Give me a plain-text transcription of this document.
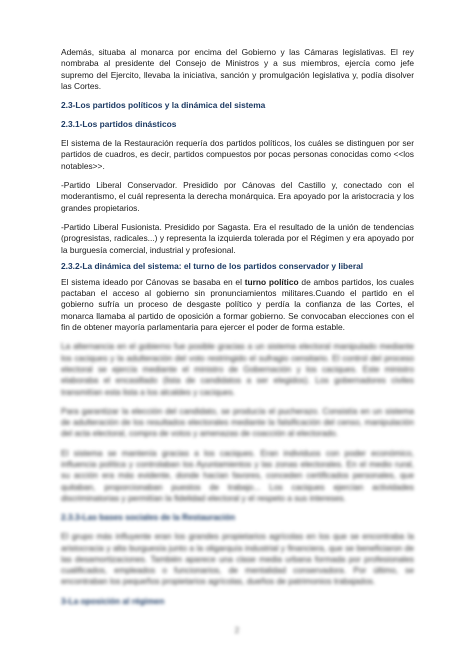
Además, situaba al monarca por encima del Gobierno y las Cámaras legislativas. El rey nombraba al presidente del Consejo de Ministros y a sus miembros, ejercía como jefe supremo del Ejercito, llevaba la iniciativa, sanción y promulgación legislativa y, podía disolver las Cortes.

2.3-Los partidos políticos y la dinámica del sistema
2.3.1-Los partidos dinásticos

El sistema de la Restauración requería dos partidos políticos, los cuáles se distinguen por ser partidos de cuadros, es decir, partidos compuestos por pocas personas conocidas como <<los notables>>.

-Partido Liberal Conservador. Presidido por Cánovas del Castillo y, conectado con el moderantismo, el cuál representa la derecha monárquica. Era apoyado por la aristocracia y los grandes propietarios.

-Partido Liberal Fusionista. Presidido por Sagasta. Era el resultado de la unión de tendencias (progresistas, radicales...) y representa la izquierda tolerada por el Régimen y era apoyado por la burguesía comercial, industrial y profesional.

2.3.2-La dinámica del sistema: el turno de los partidos conservador y liberal

El sistema ideado por Cánovas se basaba en el turno político de ambos partidos, los cuales pactaban el acceso al gobierno sin pronunciamientos militares.Cuando el partido en el gobierno sufría un proceso de desgaste político y perdía la confianza de las Cortes, el monarca llamaba al partido de oposición a formar gobierno. Se convocaban elecciones con el fin de obtener mayoría parlamentaria para ejercer el poder de forma estable.

La alternancia en el gobierno fue posible gracias a un sistema electoral manipulado mediante los caciques y la adulteración del voto restringido el sufragio censitario. El control del proceso electoral se ejercía mediante el ministro de Gobernación y los caciques. Este ministro elaboraba el encasillado (lista de candidatos a ser elegidos). Los gobernadores civiles transmitían esta lista a los alcaldes y caciques.

Para garantizar la elección del candidato, se producía el pucherazo. Consistía en un sistema de adulteración de los resultados electorales mediante la falsificación del censo, manipulación del acta electoral, compra de votos y amenazas de coacción al electorado.

El sistema se mantenía gracias a los caciques. Eran individuos con poder económico, influencia política y controlaban los Ayuntamientos y las zonas electorales. En el medio rural, su acción era más evidente, donde hacían favores, conceden certificados personales, que quitaban, proporcionaban puestos de trabajo... Los caciques ejercían actividades discriminatorias y permitían la fidelidad electoral y el respeto a sus intereses.

2.3.3-Las bases sociales de la Restauración

El grupo más influyente eran los grandes propietarios agrícolas en los que se encontraba la aristocracia y alta burguesía junto a la oligarquía industrial y financiera, que se beneficiaron de las desamortizaciones. También aparece una clase media urbana formada por profesionales cualificados, empleados o funcionarios, de mentalidad conservadora. Por último, se encontraban los pequeños propietarios agrícolas, dueños de patrimonios trabajados.

3-La oposición al régimen
2
